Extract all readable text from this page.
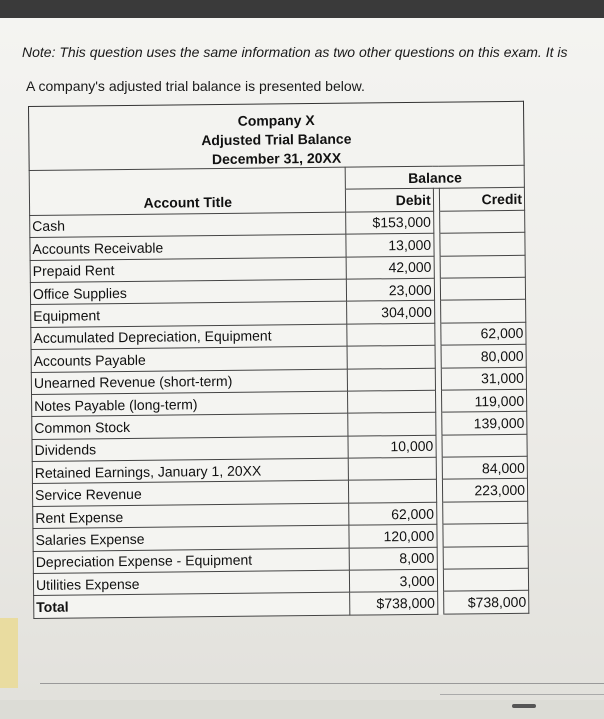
Note: This question uses the same information as two other questions on this exam. It is
A company's adjusted trial balance is presented below.
Company X
Adjusted Trial Balance
December 31, 20XX
	Balance		
Account Title	Debit		Credit
Cash	$153,000		
Accounts Receivable	13,000		
Prepaid Rent	42,000		
Office Supplies	23,000		
Equipment	304,000		
Accumulated Depreciation, Equipment			62,000
Accounts Payable			80,000
Unearned Revenue (short-term)			31,000
Notes Payable (long-term)			119,000
Common Stock			139,000
Dividends	10,000		
Retained Earnings, January 1, 20XX			84,000
Service Revenue			223,000
Rent Expense	62,000		
Salaries Expense	120,000		
Depreciation Expense - Equipment	8,000		
Utilities Expense	3,000		
Total	$738,000		$738,000
